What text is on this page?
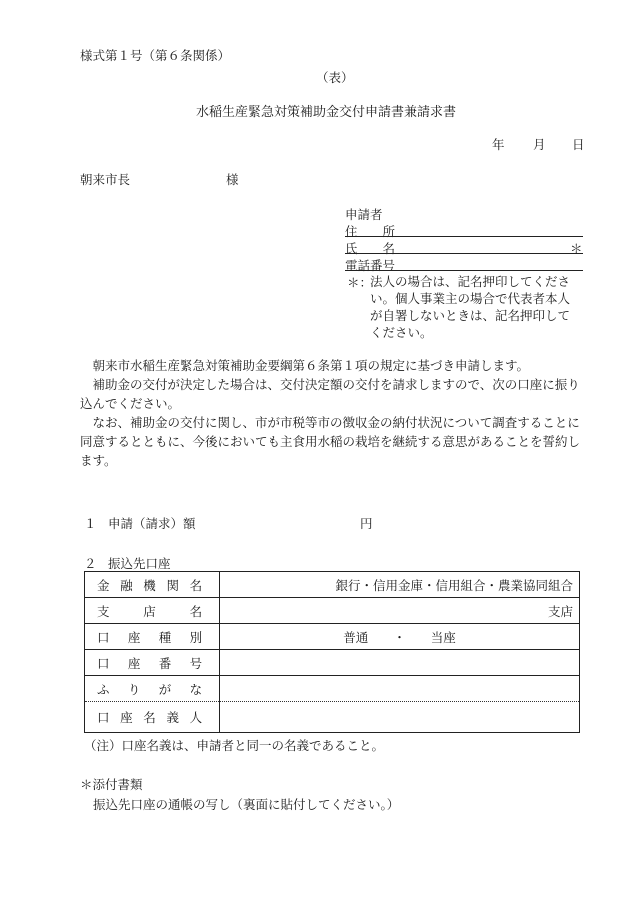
様式第１号（第６条関係）
（表）
水稲生産緊急対策補助金交付申請書兼請求書
年 月 日
朝来市長	様
申請者
住　　所
氏　　名	＊
電話番号
＊：
法人の場合は、記名押印してくださ
い。個人事業主の場合で代表者本人
が自署しないときは、記名押印して
ください。

朝来市水稲生産緊急対策補助金要綱第６条第１項の規定に基づき申請します。

補助金の交付が決定した場合は、交付決定額の交付を請求しますので、次の口座に振り込んでください。

なお、補助金の交付に関し、市が市税等市の徴収金の納付状況について調査することに同意するとともに、今後においても主食用水稲の栽培を継続する意思があることを誓約します。

１ 申請（請求）額	円
２ 振込先口座
金融機関名	銀行・信用金庫・信用組合・農業協同組合
支店名	支店
口座種別	普通　　・　　当座
口座番号	
ふりがな	
口座名義人	
（注）口座名義は、申請者と同一の名義であること。
＊添付書類
振込先口座の通帳の写し（裏面に貼付してください。）
